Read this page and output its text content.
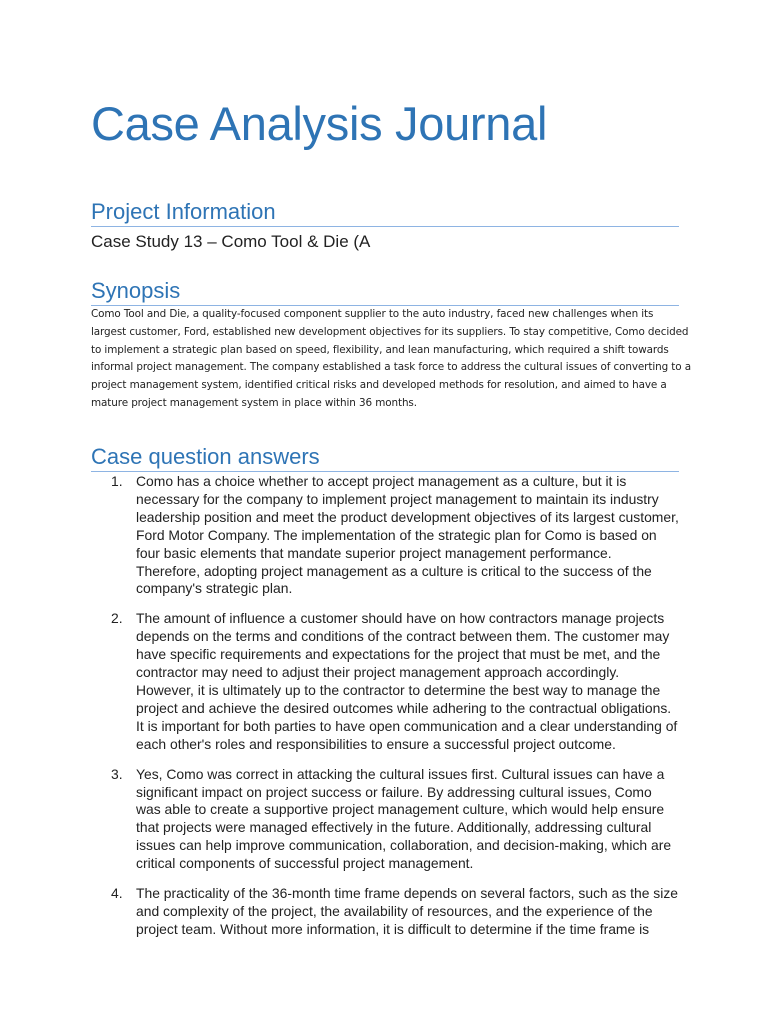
Case Analysis Journal
Project Information

Case Study 13 – Como Tool & Die (A

Synopsis

Como Tool and Die, a quality-focused component supplier to the auto industry, faced new challenges when its largest customer, Ford, established new development objectives for its suppliers. To stay competitive, Como decided to implement a strategic plan based on speed, flexibility, and lean manufacturing, which required a shift towards informal project management. The company established a task force to address the cultural issues of converting to a project management system, identified critical risks and developed methods for resolution, and aimed to have a mature project management system in place within 36 months.

Case question answers
1. Como has a choice whether to accept project management as a culture, but it is necessary for the company to implement project management to maintain its industry leadership position and meet the product development objectives of its largest customer, Ford Motor Company. The implementation of the strategic plan for Como is based on four basic elements that mandate superior project management performance. Therefore, adopting project management as a culture is critical to the success of the company's strategic plan.
2. The amount of influence a customer should have on how contractors manage projects depends on the terms and conditions of the contract between them. The customer may have specific requirements and expectations for the project that must be met, and the contractor may need to adjust their project management approach accordingly. However, it is ultimately up to the contractor to determine the best way to manage the project and achieve the desired outcomes while adhering to the contractual obligations. It is important for both parties to have open communication and a clear understanding of each other's roles and responsibilities to ensure a successful project outcome.
3. Yes, Como was correct in attacking the cultural issues first. Cultural issues can have a significant impact on project success or failure. By addressing cultural issues, Como was able to create a supportive project management culture, which would help ensure that projects were managed effectively in the future. Additionally, addressing cultural issues can help improve communication, collaboration, and decision-making, which are critical components of successful project management.
4. The practicality of the 36-month time frame depends on several factors, such as the size and complexity of the project, the availability of resources, and the experience of the project team. Without more information, it is difficult to determine if the time frame is
